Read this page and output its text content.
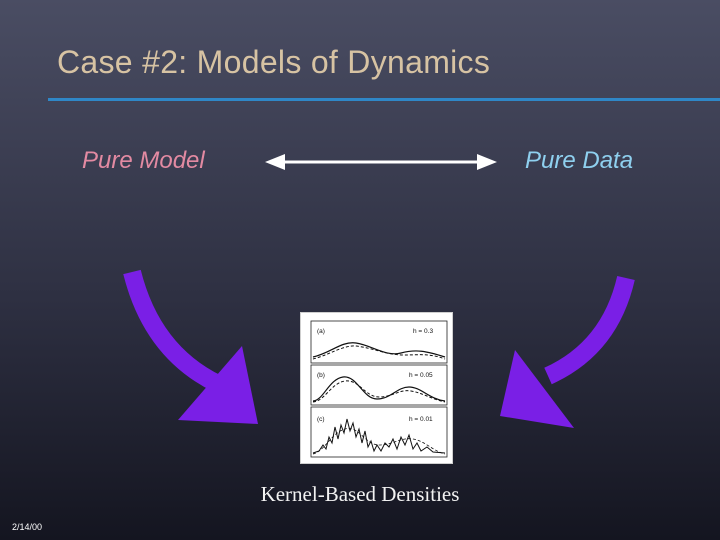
Case #2: Models of Dynamics
Pure Model	Pure Data
(a)	h = 0.3
(b)	h = 0.05
(c)	h = 0.01
Kernel-Based Densities
2/14/00
